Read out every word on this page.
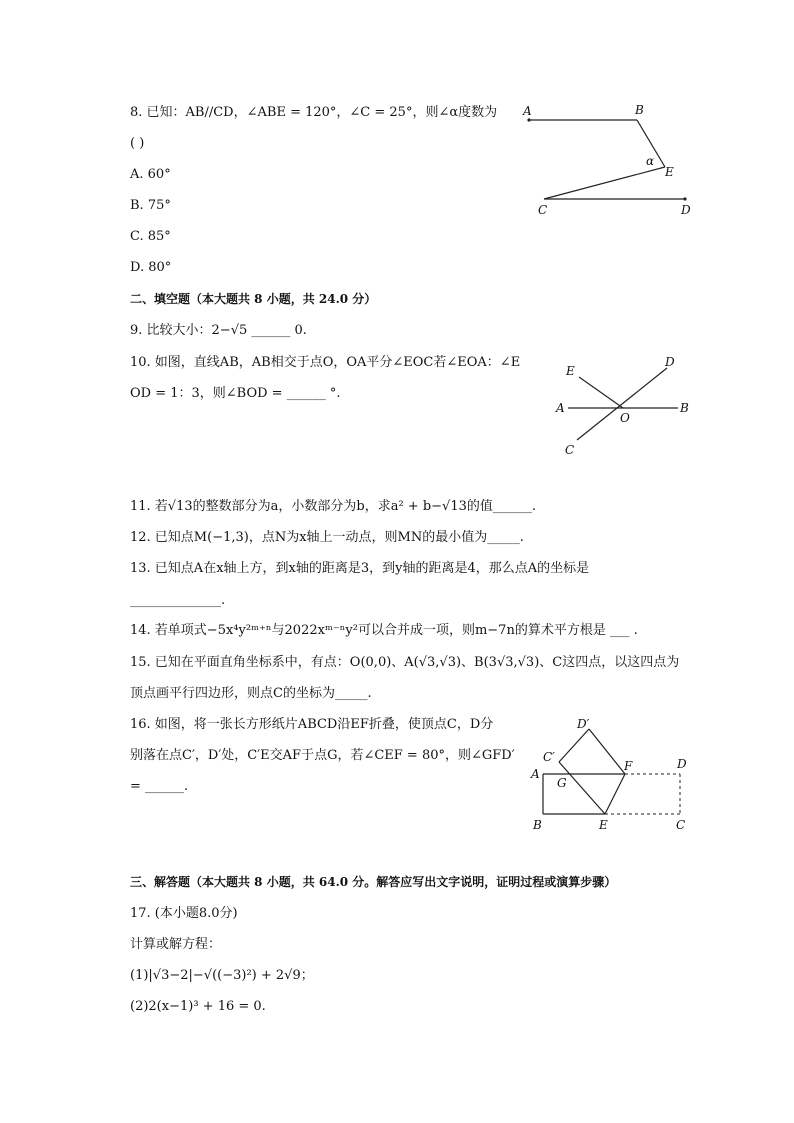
8. 已知：AB//CD，∠ABE = 120°，∠C = 25°，则∠α度数为
( )
A. 60°
B. 75°
C. 85°
D. 80°
A	B
α
E
C	D
二、填空题（本大题共 8 小题，共 24.0 分）
9. 比较大小：2−√5 ______ 0.
10. 如图，直线AB，AB相交于点O，OA平分∠EOC若∠EOA：∠E
OD = 1：3，则∠BOD = ______ °.
E
D
A	B
O
C
11. 若√13的整数部分为a，小数部分为b，求a² + b−√13的值______.
12. 已知点M(−1,3)，点N为x轴上一动点，则MN的最小值为_____.
13. 已知点A在x轴上方，到x轴的距离是3，到y轴的距离是4，那么点A的坐标是
______________.
14. 若单项式−5x⁴y²ᵐ⁺ⁿ与2022xᵐ⁻ⁿy²可以合并成一项，则m−7n的算术平方根是 ___ .
15. 已知在平面直角坐标系中，有点：O(0,0)、A(√3,√3)、B(3√3,√3)、C这四点，以这四点为
顶点画平行四边形，则点C的坐标为_____.
16. 如图，将一张长方形纸片ABCD沿EF折叠，使顶点C，D分
别落在点C′，D′处，C′E交AF于点G，若∠CEF = 80°，则∠GFD′
= ______.
D′
C′
A
G
F	D
B	E	C
三、解答题（本大题共 8 小题，共 64.0 分。解答应写出文字说明，证明过程或演算步骤）
17. (本小题8.0分)
计算或解方程：
(1)|√3−2|−√((−3)²) + 2√9；
(2)2(x−1)³ + 16 = 0.
